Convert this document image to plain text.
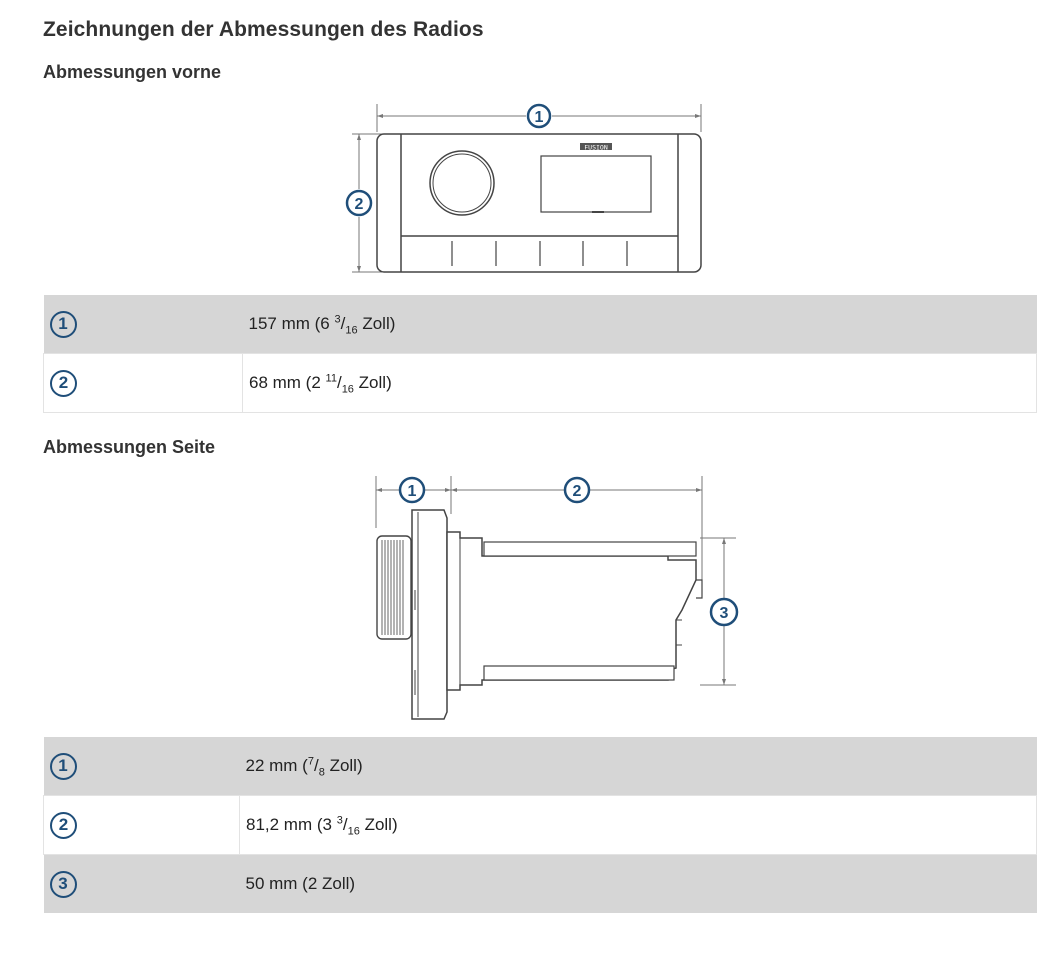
Zeichnungen der Abmessungen des Radios
Abmessungen vorne
1
2
FUSION
1	157 mm (6 $^3/_{16}$ Zoll)
2	68 mm (2 $^{11}/_{16}$ Zoll)
Abmessungen Seite
1	2
3
1	22 mm ($^7/_8$ Zoll)
2	81,2 mm (3 $^3/_{16}$ Zoll)
3	50 mm (2 Zoll)
